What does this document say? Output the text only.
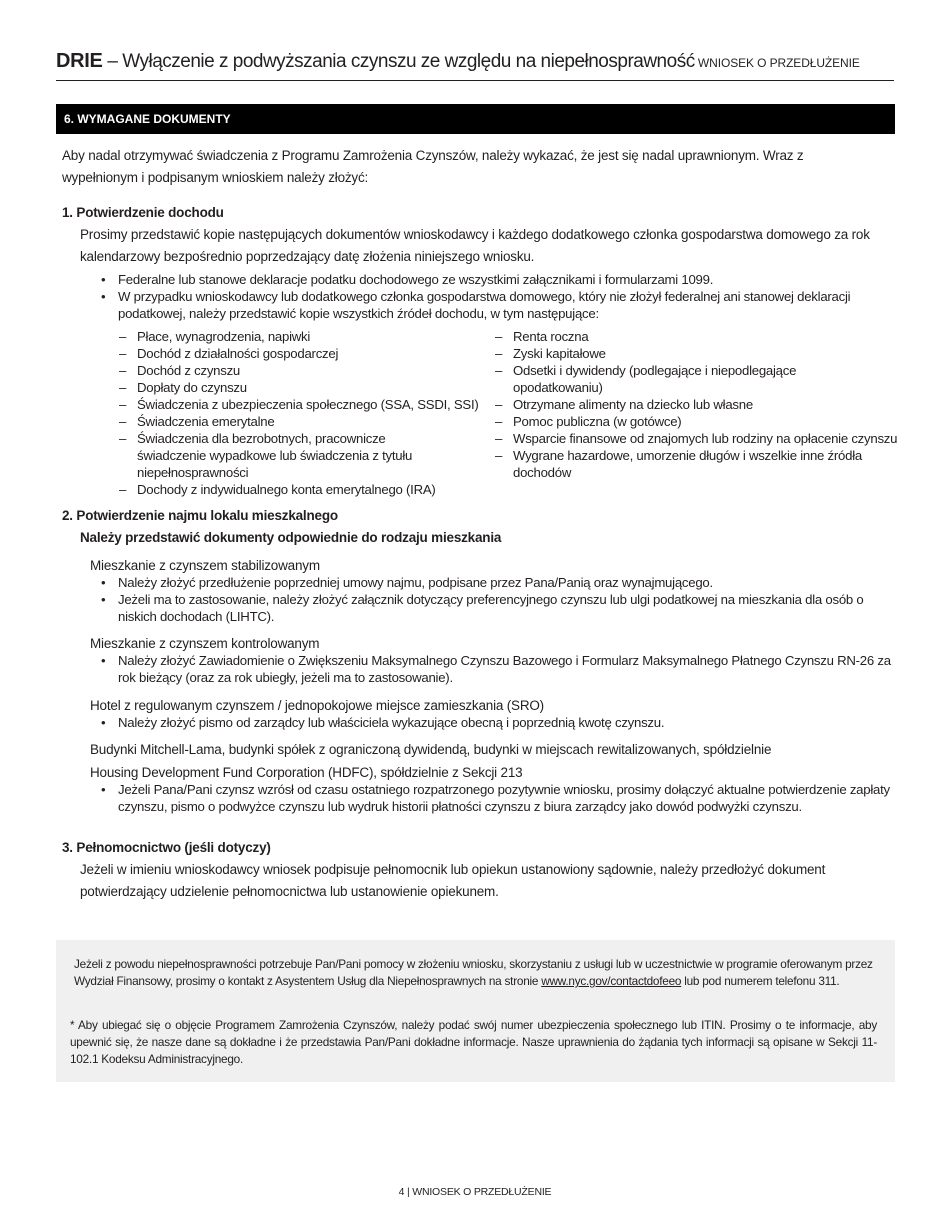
DRIE – Wyłączenie z podwyższania czynszu ze względu na niepełnosprawność WNIOSEK O PRZEDŁUŻENIE
6. WYMAGANE DOKUMENTY
Aby nadal otrzymywać świadczenia z Programu Zamrożenia Czynszów, należy wykazać, że jest się nadal uprawnionym. Wraz z wypełnionym i podpisanym wnioskiem należy złożyć:
1. Potwierdzenie dochodu
Prosimy przedstawić kopie następujących dokumentów wnioskodawcy i każdego dodatkowego członka gospodarstwa domowego za rok kalendarzowy bezpośrednio poprzedzający datę złożenia niniejszego wniosku.
• Federalne lub stanowe deklaracje podatku dochodowego ze wszystkimi załącznikami i formularzami 1099.
• W przypadku wnioskodawcy lub dodatkowego członka gospodarstwa domowego, który nie złożył federalnej ani stanowej deklaracji podatkowej, należy przedstawić kopie wszystkich źródeł dochodu, w tym następujące:
– Płace, wynagrodzenia, napiwki
– Dochód z działalności gospodarczej
– Dochód z czynszu
– Dopłaty do czynszu
– Świadczenia z ubezpieczenia społecznego (SSA, SSDI, SSI)
– Świadczenia emerytalne
– Świadczenia dla bezrobotnych, pracownicze świadczenie wypadkowe lub świadczenia z tytułu niepełnosprawności
– Dochody z indywidualnego konta emerytalnego (IRA)
– Renta roczna
– Zyski kapitałowe
– Odsetki i dywidendy (podlegające i niepodlegające opodatkowaniu)
– Otrzymane alimenty na dziecko lub własne
– Pomoc publiczna (w gotówce)
– Wsparcie finansowe od znajomych lub rodziny na opłacenie czynszu
– Wygrane hazardowe, umorzenie długów i wszelkie inne źródła dochodów
2. Potwierdzenie najmu lokalu mieszkalnego
Należy przedstawić dokumenty odpowiednie do rodzaju mieszkania
Mieszkanie z czynszem stabilizowanym
• Należy złożyć przedłużenie poprzedniej umowy najmu, podpisane przez Pana/Panią oraz wynajmującego.
• Jeżeli ma to zastosowanie, należy złożyć załącznik dotyczący preferencyjnego czynszu lub ulgi podatkowej na mieszkania dla osób o niskich dochodach (LIHTC).
Mieszkanie z czynszem kontrolowanym
• Należy złożyć Zawiadomienie o Zwiększeniu Maksymalnego Czynszu Bazowego i Formularz Maksymalnego Płatnego Czynszu RN-26 za rok bieżący (oraz za rok ubiegły, jeżeli ma to zastosowanie).
Hotel z regulowanym czynszem / jednopokojowe miejsce zamieszkania (SRO)
• Należy złożyć pismo od zarządcy lub właściciela wykazujące obecną i poprzednią kwotę czynszu.
Budynki Mitchell-Lama, budynki spółek z ograniczoną dywidendą, budynki w miejscach rewitalizowanych, spółdzielnie
Housing Development Fund Corporation (HDFC), spółdzielnie z Sekcji 213
• Jeżeli Pana/Pani czynsz wzrósł od czasu ostatniego rozpatrzonego pozytywnie wniosku, prosimy dołączyć aktualne potwierdzenie zapłaty czynszu, pismo o podwyżce czynszu lub wydruk historii płatności czynszu z biura zarządcy jako dowód podwyżki czynszu.
3. Pełnomocnictwo (jeśli dotyczy)
Jeżeli w imieniu wnioskodawcy wniosek podpisuje pełnomocnik lub opiekun ustanowiony sądownie, należy przedłożyć dokument potwierdzający udzielenie pełnomocnictwa lub ustanowienie opiekunem.
Jeżeli z powodu niepełnosprawności potrzebuje Pan/Pani pomocy w złożeniu wniosku, skorzystaniu z usługi lub w uczestnictwie w programie oferowanym przez Wydział Finansowy, prosimy o kontakt z Asystentem Usług dla Niepełnosprawnych na stronie www.nyc.gov/contactdofeeo lub pod numerem telefonu 311.
* Aby ubiegać się o objęcie Programem Zamrożenia Czynszów, należy podać swój numer ubezpieczenia społecznego lub ITIN. Prosimy o te informacje, aby upewnić się, że nasze dane są dokładne i że przedstawia Pan/Pani dokładne informacje. Nasze uprawnienia do żądania tych informacji są opisane w Sekcji 11-102.1 Kodeksu Administracyjnego.
4 | WNIOSEK O PRZEDŁUŻENIE
